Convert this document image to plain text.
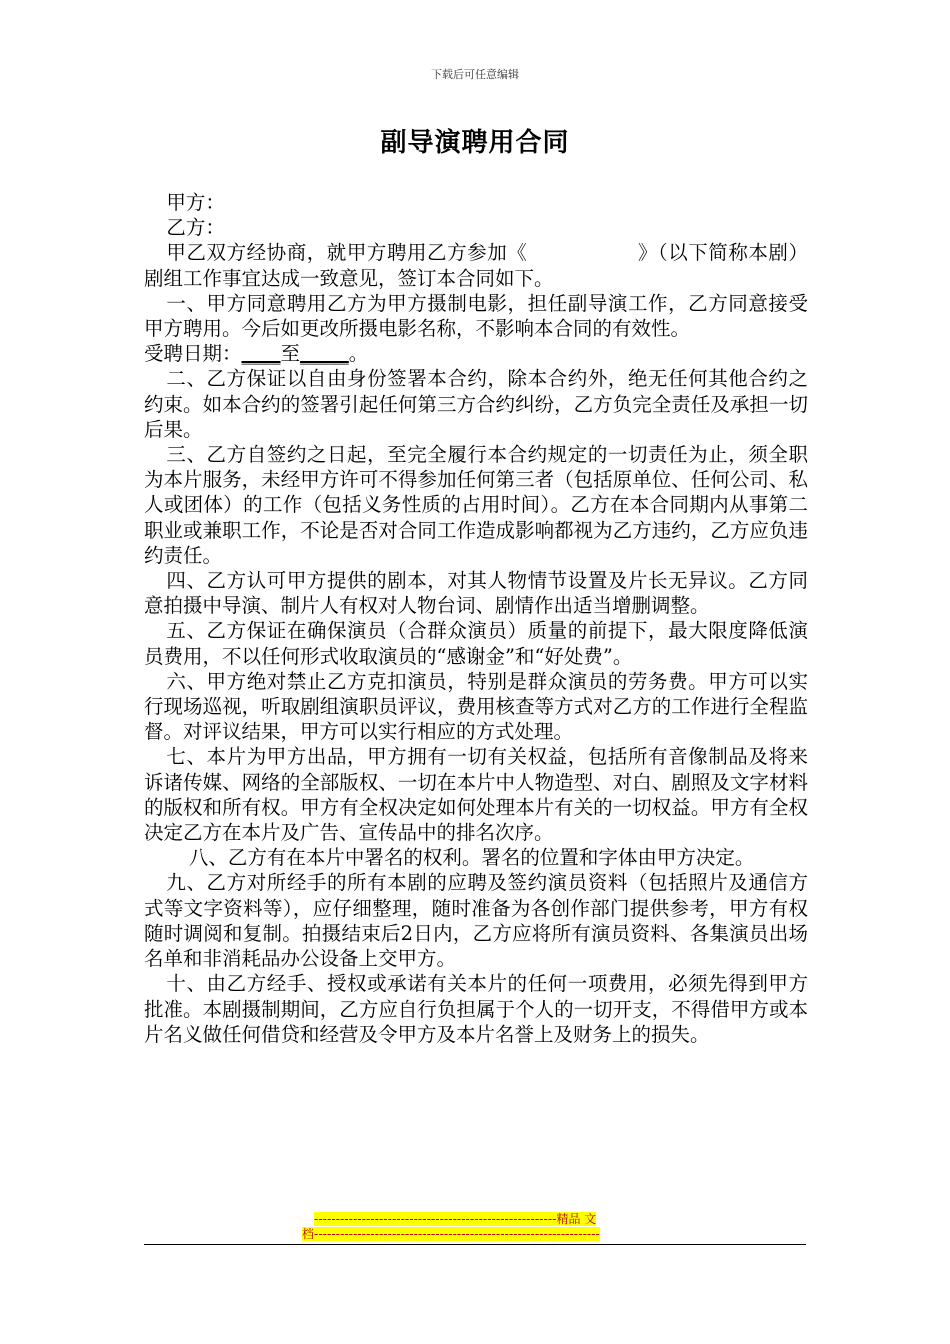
下载后可任意编辑
副导演聘用合同

甲方：

乙方：

甲乙双方经协商，就甲方聘用乙方参加《	》（以下简称本剧）剧组工作事宜达成一致意见，签订本合同如下。

一、甲方同意聘用乙方为甲方摄制电影，担任副导演工作，乙方同意接受甲方聘用。今后如更改所摄电影名称，不影响本合同的有效性。

受聘日期：____至_____。

二、乙方保证以自由身份签署本合约，除本合约外，绝无任何其他合约之约束。如本合约的签署引起任何第三方合约纠纷，乙方负完全责任及承担一切后果。

三、乙方自签约之日起，至完全履行本合约规定的一切责任为止，须全职为本片服务，未经甲方许可不得参加任何第三者（包括原单位、任何公司、私人或团体）的工作（包括义务性质的占用时间）。乙方在本合同期内从事第二职业或兼职工作，不论是否对合同工作造成影响都视为乙方违约，乙方应负违约责任。

四、乙方认可甲方提供的剧本，对其人物情节设置及片长无异议。乙方同意拍摄中导演、制片人有权对人物台词、剧情作出适当增删调整。

五、乙方保证在确保演员（合群众演员）质量的前提下，最大限度降低演员费用，不以任何形式收取演员的“感谢金”和“好处费”。

六、甲方绝对禁止乙方克扣演员，特别是群众演员的劳务费。甲方可以实行现场巡视，听取剧组演职员评议，费用核查等方式对乙方的工作进行全程监督。对评议结果，甲方可以实行相应的方式处理。

七、本片为甲方出品，甲方拥有一切有关权益，包括所有音像制品及将来诉诸传媒、网络的全部版权、一切在本片中人物造型、对白、剧照及文字材料的版权和所有权。甲方有全权决定如何处理本片有关的一切权益。甲方有全权决定乙方在本片及广告、宣传品中的排名次序。

八、乙方有在本片中署名的权利。署名的位置和字体由甲方决定。

九、乙方对所经手的所有本剧的应聘及签约演员资料（包括照片及通信方式等文字资料等），应仔细整理，随时准备为各创作部门提供参考，甲方有权随时调阅和复制。拍摄结束后2日内，乙方应将所有演员资料、各集演员出场名单和非消耗品办公设备上交甲方。

十、由乙方经手、授权或承诺有关本片的任何一项费用，必须先得到甲方批准。本剧摄制期间，乙方应自行负担属于个人的一切开支，不得借甲方或本片名义做任何借贷和经营及令甲方及本片名誉上及财务上的损失。

--------------------------------------------------------精品 文
档------------------------------------------------------------------
